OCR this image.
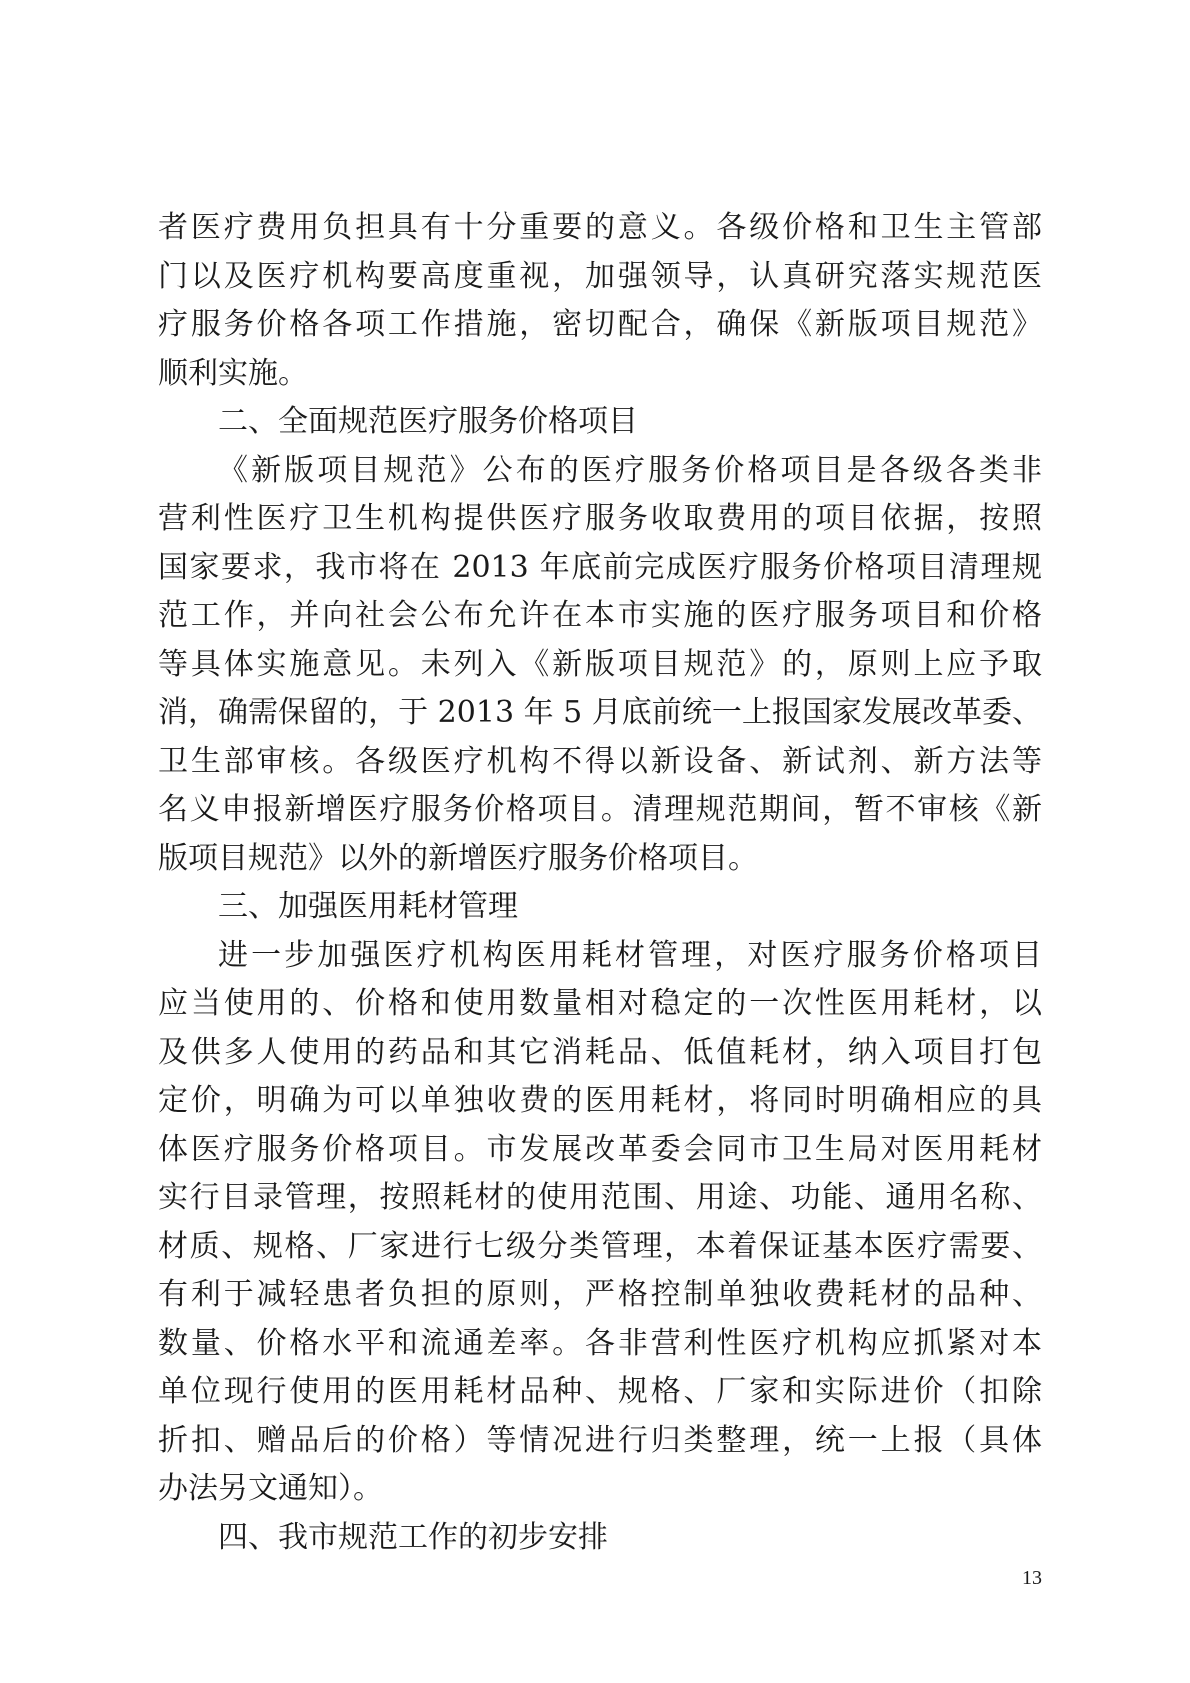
者医疗费用负担具有十分重要的意义。各级价格和卫生主管部
门以及医疗机构要高度重视，加强领导，认真研究落实规范医
疗服务价格各项工作措施，密切配合，确保《新版项目规范》
顺利实施。
二、全面规范医疗服务价格项目
《新版项目规范》公布的医疗服务价格项目是各级各类非
营利性医疗卫生机构提供医疗服务收取费用的项目依据，按照
国家要求，我市将在 2013 年底前完成医疗服务价格项目清理规
范工作，并向社会公布允许在本市实施的医疗服务项目和价格
等具体实施意见。未列入《新版项目规范》的，原则上应予取
消，确需保留的，于 2013 年 5 月底前统一上报国家发展改革委、
卫生部审核。各级医疗机构不得以新设备、新试剂、新方法等
名义申报新增医疗服务价格项目。清理规范期间，暂不审核《新
版项目规范》以外的新增医疗服务价格项目。
三、加强医用耗材管理
进一步加强医疗机构医用耗材管理，对医疗服务价格项目
应当使用的、价格和使用数量相对稳定的一次性医用耗材，以
及供多人使用的药品和其它消耗品、低值耗材，纳入项目打包
定价，明确为可以单独收费的医用耗材，将同时明确相应的具
体医疗服务价格项目。市发展改革委会同市卫生局对医用耗材
实行目录管理，按照耗材的使用范围、用途、功能、通用名称、
材质、规格、厂家进行七级分类管理，本着保证基本医疗需要、
有利于减轻患者负担的原则，严格控制单独收费耗材的品种、
数量、价格水平和流通差率。各非营利性医疗机构应抓紧对本
单位现行使用的医用耗材品种、规格、厂家和实际进价（扣除
折扣、赠品后的价格）等情况进行归类整理，统一上报（具体
办法另文通知）。
四、我市规范工作的初步安排
13
